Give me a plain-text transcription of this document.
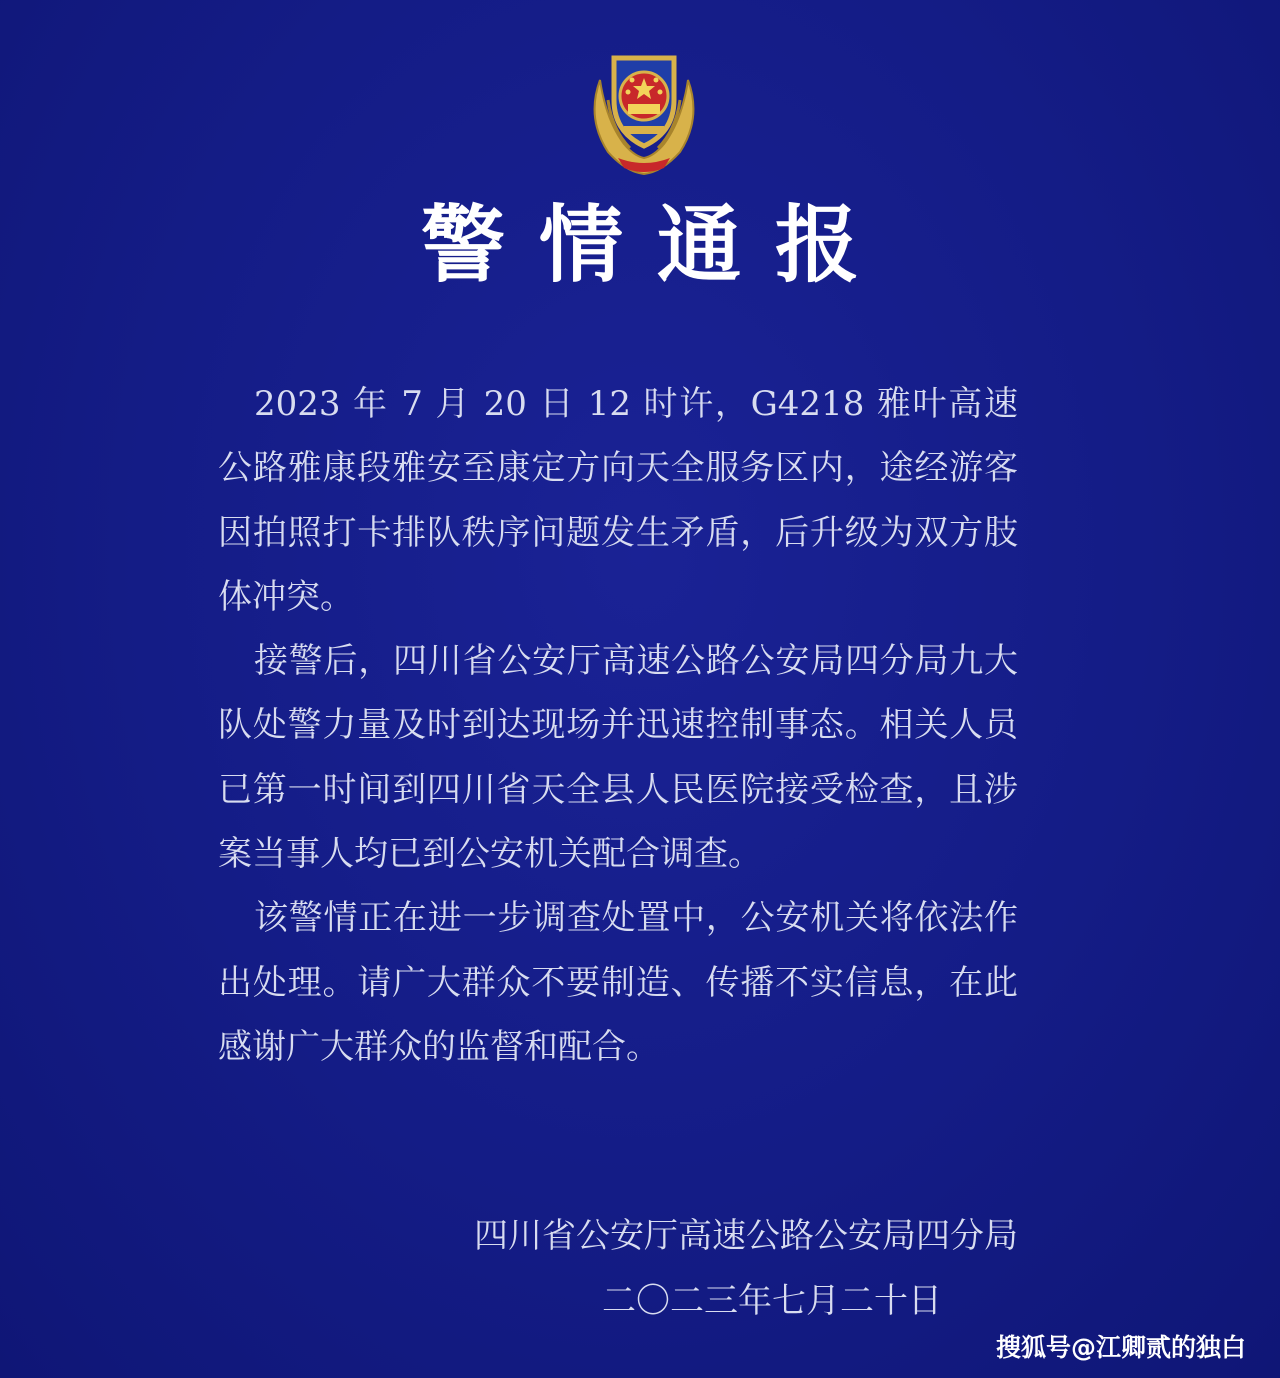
警情通报

2023 年 7 月 20 日 12 时许，G4218 雅叶高速公路雅康段雅安至康定方向天全服务区内，途经游客因拍照打卡排队秩序问题发生矛盾，后升级为双方肢体冲突。

接警后，四川省公安厅高速公路公安局四分局九大队处警力量及时到达现场并迅速控制事态。相关人员已第一时间到四川省天全县人民医院接受检查，且涉案当事人均已到公安机关配合调查。

该警情正在进一步调查处置中，公安机关将依法作出处理。请广大群众不要制造、传播不实信息，在此感谢广大群众的监督和配合。

四川省公安厅高速公路公安局四分局
二〇二三年七月二十日
搜狐号@江卿贰的独白
